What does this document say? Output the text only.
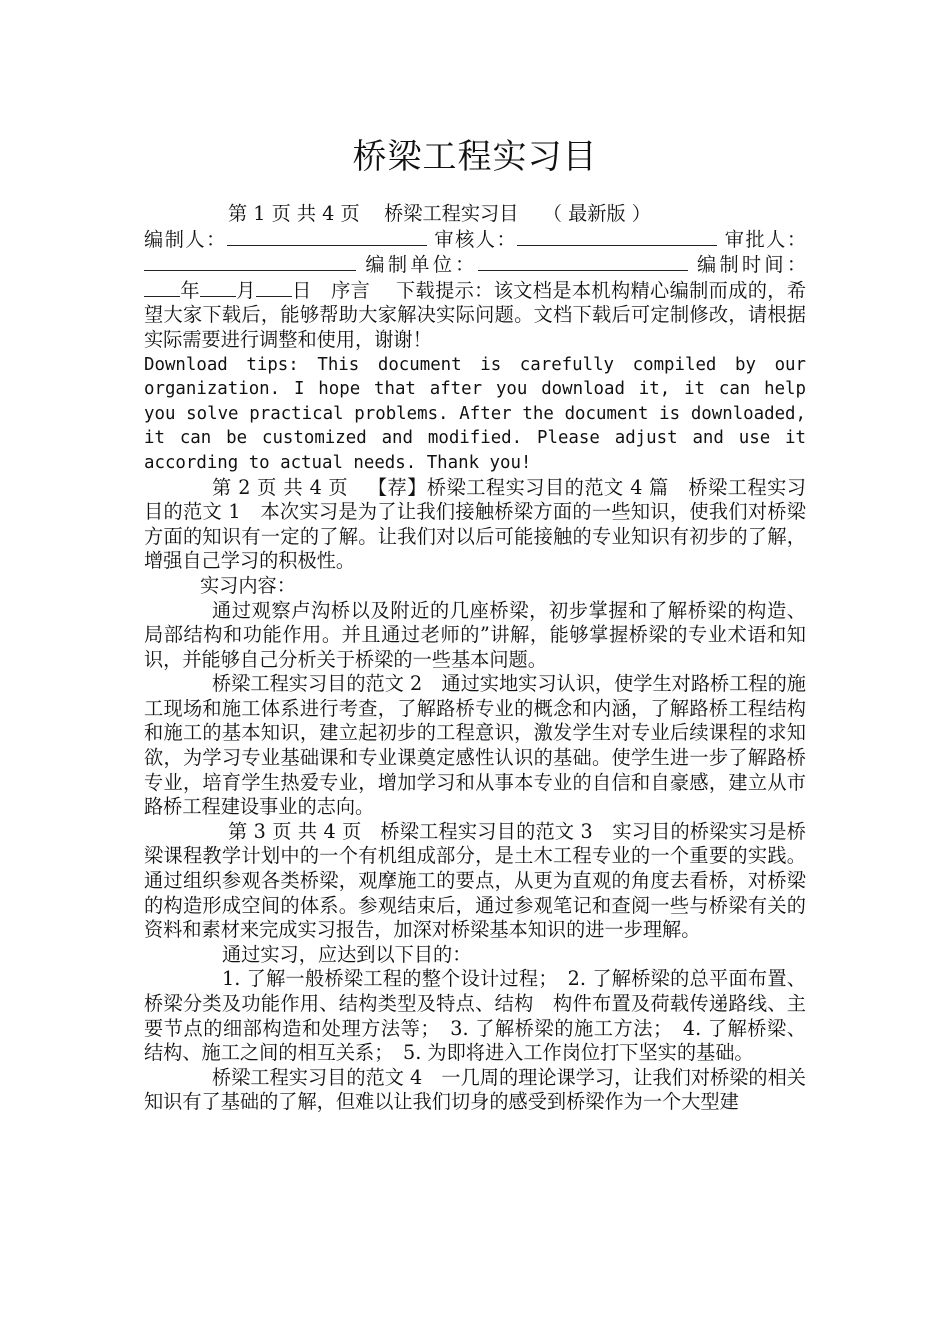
桥梁工程实习目

第 1 页 共 4 页 桥梁工程实习目 （ 最新版 ）

编制人：	审核人：	审批人： 编制单位：	编制时间：年 月 日 序言 下载提示：该文档是本机构精心编制而成的，希望大家下载后，能够帮助大家解决实际问题。文档下载后可定制修改，请根据实际需要进行调整和使用，谢谢！

Download tips: This document is carefully compiled by our organization. I hope that after you download it, it can help you solve practical problems. After the document is downloaded, it can be customized and modified. Please adjust and use it according to actual needs. Thank you!

第 2 页 共 4 页 【荐】桥梁工程实习目的范文 4 篇　桥梁工程实习目的范文 1　本次实习是为了让我们接触桥梁方面的一些知识，使我们对桥梁方面的知识有一定的了解。让我们对以后可能接触的专业知识有初步的了解，增强自己学习的积极性。

实习内容：

通过观察卢沟桥以及附近的几座桥梁，初步掌握和了解桥梁的构造、局部结构和功能作用。并且通过老师的”讲解，能够掌握桥梁的专业术语和知识，并能够自己分析关于桥梁的一些基本问题。

桥梁工程实习目的范文 2　通过实地实习认识，使学生对路桥工程的施工现场和施工体系进行考查，了解路桥专业的概念和内涵，了解路桥工程结构和施工的基本知识，建立起初步的工程意识，激发学生对专业后续课程的求知欲，为学习专业基础课和专业课奠定感性认识的基础。使学生进一步了解路桥专业，培育学生热爱专业，增加学习和从事本专业的自信和自豪感，建立从市路桥工程建设事业的志向。

第 3 页 共 4 页 桥梁工程实习目的范文 3　实习目的桥梁实习是桥梁课程教学计划中的一个有机组成部分，是土木工程专业的一个重要的实践。通过组织参观各类桥梁，观摩施工的要点，从更为直观的角度去看桥，对桥梁的构造形成空间的体系。参观结束后，通过参观笔记和查阅一些与桥梁有关的资料和素材来完成实习报告，加深对桥梁基本知识的进一步理解。

通过实习，应达到以下目的：

1. 了解一般桥梁工程的整个设计过程；　2. 了解桥梁的总平面布置、桥梁分类及功能作用、结构类型及特点、结构　构件布置及荷载传递路线、主要节点的细部构造和处理方法等；　3. 了解桥梁的施工方法；　4. 了解桥梁、结构、施工之间的相互关系；　5. 为即将进入工作岗位打下坚实的基础。

桥梁工程实习目的范文 4　一几周的理论课学习，让我们对桥梁的相关知识有了基础的了解，但难以让我们切身的感受到桥梁作为一个大型建
